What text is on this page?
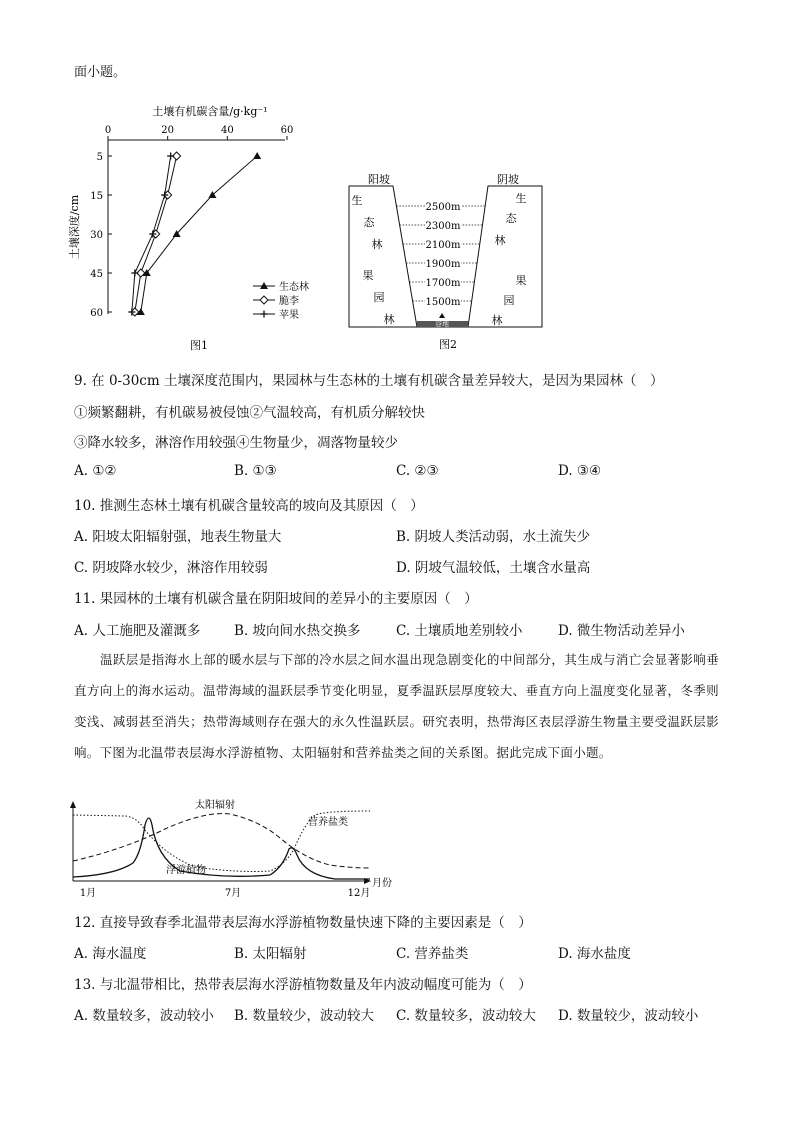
面小题。
土壤有机碳含量/g·kg⁻¹
0	20	40	60
5
15
30
45
60
土壤深度/cm
生态林
脆李
苹果
图1
谷地
阳坡	阴坡
生
态
林
果
园
林
生
态
林
果
园
林
2500m
2300m
2100m
1900m
1700m
1500m
图2
9. 在 0-30cm 土壤深度范围内，果园林与生态林的土壤有机碳含量差异较大，是因为果园林（　）
①频繁翻耕，有机碳易被侵蚀②气温较高，有机质分解较快
③降水较多，淋溶作用较强④生物量少，凋落物量较少
A. ①②	B. ①③	C. ②③	D. ③④
10. 推测生态林土壤有机碳含量较高的坡向及其原因（　）
A. 阳坡太阳辐射强，地表生物量大	B. 阴坡人类活动弱，水土流失少
C. 阴坡降水较少，淋溶作用较弱	D. 阴坡气温较低，土壤含水量高
11. 果园林的土壤有机碳含量在阴阳坡间的差异小的主要原因（　）
A. 人工施肥及灌溉多 B. 坡向间水热交换多	C. 土壤质地差别较小	D. 微生物活动差异小
温跃层是指海水上部的暖水层与下部的冷水层之间水温出现急剧变化的中间部分，其生成与消亡会显著影响垂直方向上的海水运动。温带海域的温跃层季节变化明显，夏季温跃层厚度较大、垂直方向上温度变化显著，冬季则变浅、减弱甚至消失；热带海域则存在强大的永久性温跃层。研究表明，热带海区表层浮游生物量主要受温跃层影响。下图为北温带表层海水浮游植物、太阳辐射和营养盐类之间的关系图。据此完成下面小题。
太阳辐射
营养盐类
浮游植物
1月	7月	12月
月份
12. 直接导致春季北温带表层海水浮游植物数量快速下降的主要因素是（　）
A. 海水温度	B. 太阳辐射	C. 营养盐类	D. 海水盐度
13. 与北温带相比，热带表层海水浮游植物数量及年内波动幅度可能为（　）
A. 数量较多，波动较小 B. 数量较少，波动较大 C. 数量较多，波动较大 D. 数量较少，波动较小
